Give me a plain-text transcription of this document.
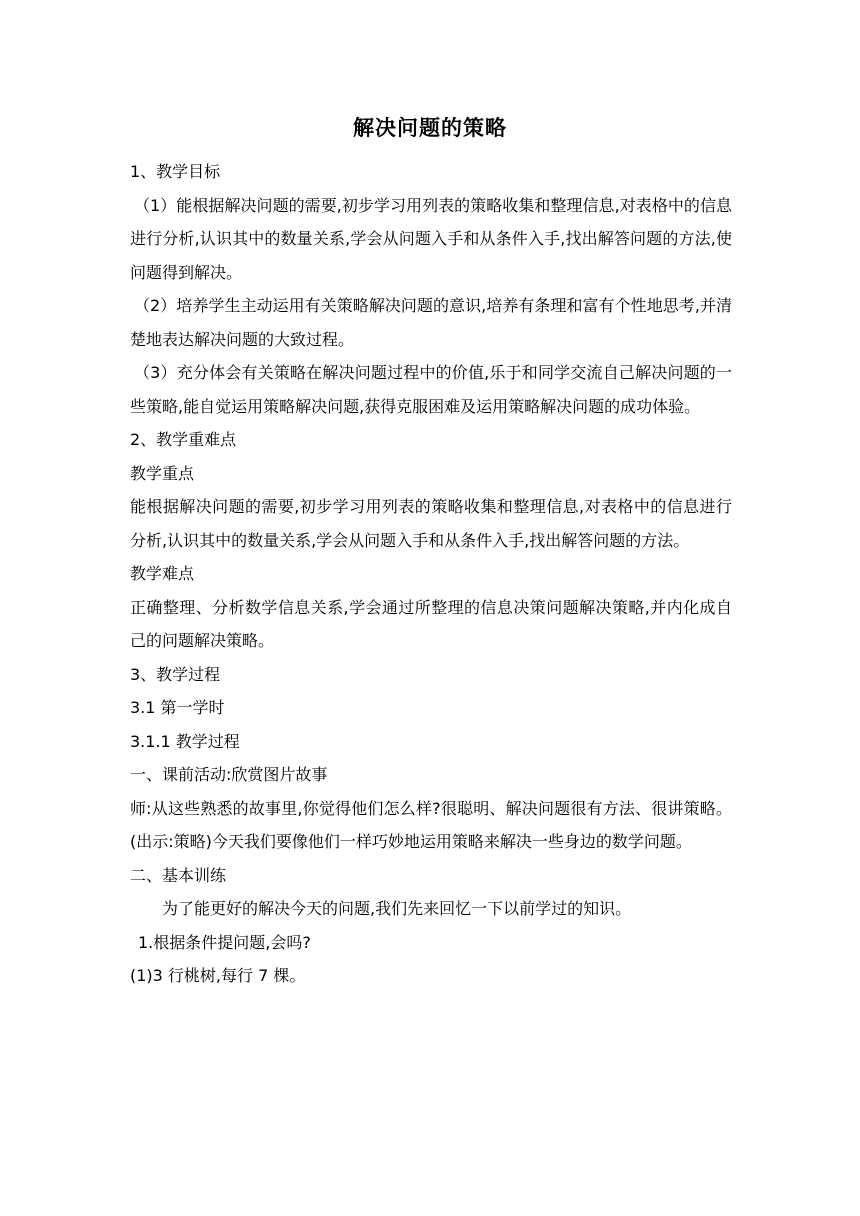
解决问题的策略

1、教学目标

（1）能根据解决问题的需要,初步学习用列表的策略收集和整理信息,对表格中的信息进行分析,认识其中的数量关系,学会从问题入手和从条件入手,找出解答问题的方法,使问题得到解决。

（2）培养学生主动运用有关策略解决问题的意识,培养有条理和富有个性地思考,并清楚地表达解决问题的大致过程。

（3）充分体会有关策略在解决问题过程中的价值,乐于和同学交流自己解决问题的一些策略,能自觉运用策略解决问题,获得克服困难及运用策略解决问题的成功体验。

2、教学重难点

教学重点

能根据解决问题的需要,初步学习用列表的策略收集和整理信息,对表格中的信息进行分析,认识其中的数量关系,学会从问题入手和从条件入手,找出解答问题的方法。

教学难点

正确整理、分析数学信息关系,学会通过所整理的信息决策问题解决策略,并内化成自己的问题解决策略。

3、教学过程

3.1 第一学时

3.1.1 教学过程

一、课前活动:欣赏图片故事

师:从这些熟悉的故事里,你觉得他们怎么样?很聪明、解决问题很有方法、很讲策略。(出示:策略)今天我们要像他们一样巧妙地运用策略来解决一些身边的数学问题。

二、基本训练

为了能更好的解决今天的问题,我们先来回忆一下以前学过的知识。

1.根据条件提问题,会吗?

(1)3 行桃树,每行 7 棵。
